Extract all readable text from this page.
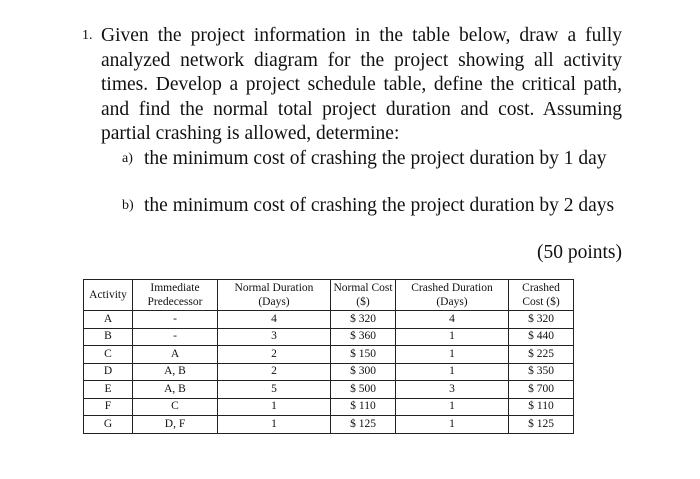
1. Given the project information in the table below, draw a fully analyzed network diagram for the project showing all activity times. Develop a project schedule table, define the critical path, and find the normal total project duration and cost. Assuming partial crashing is allowed, determine:
a) the minimum cost of crashing the project duration by 1 day
b) the minimum cost of crashing the project duration by 2 days
(50 points)
Activity	Immediate Predecessor	Normal Duration (Days)	Normal Cost ($)	Crashed Duration (Days)	Crashed Cost ($)
A	-	4	$ 320	4	$ 320
B	-	3	$ 360	1	$ 440
C	A	2	$ 150	1	$ 225
D	A, B	2	$ 300	1	$ 350
E	A, B	5	$ 500	3	$ 700
F	C	1	$ 110	1	$ 110
G	D, F	1	$ 125	1	$ 125
